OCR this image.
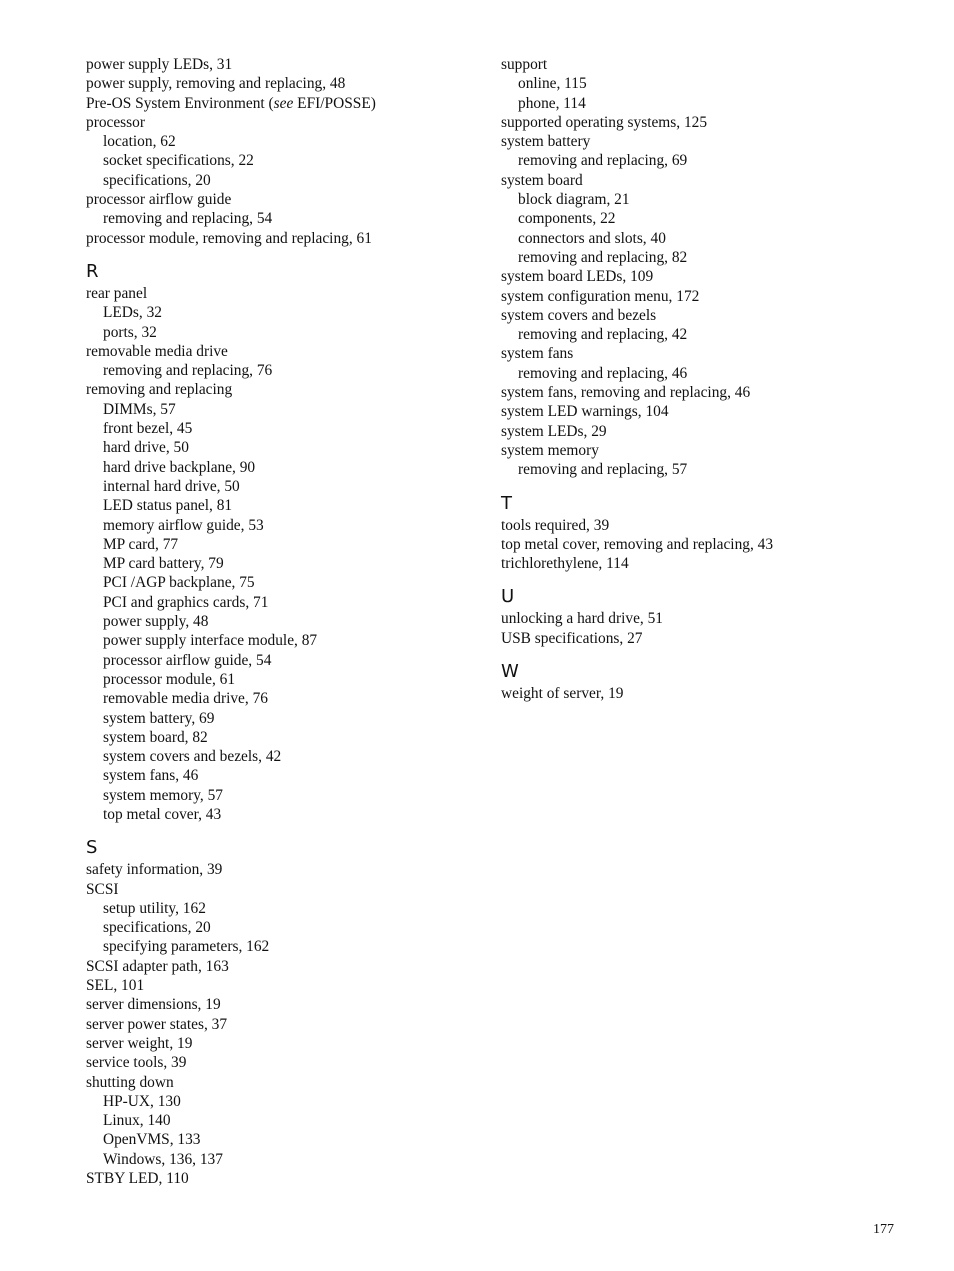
power supply LEDs, 31
power supply, removing and replacing, 48
Pre-OS System Environment (see EFI/POSSE)
processor
location, 62
socket specifications, 22
specifications, 20
processor airflow guide
removing and replacing, 54
processor module, removing and replacing, 61
R
rear panel
LEDs, 32
ports, 32
removable media drive
removing and replacing, 76
removing and replacing
DIMMs, 57
front bezel, 45
hard drive, 50
hard drive backplane, 90
internal hard drive, 50
LED status panel, 81
memory airflow guide, 53
MP card, 77
MP card battery, 79
PCI /AGP backplane, 75
PCI and graphics cards, 71
power supply, 48
power supply interface module, 87
processor airflow guide, 54
processor module, 61
removable media drive, 76
system battery, 69
system board, 82
system covers and bezels, 42
system fans, 46
system memory, 57
top metal cover, 43
S
safety information, 39
SCSI
setup utility, 162
specifications, 20
specifying parameters, 162
SCSI adapter path, 163
SEL, 101
server dimensions, 19
server power states, 37
server weight, 19
service tools, 39
shutting down
HP-UX, 130
Linux, 140
OpenVMS, 133
Windows, 136, 137
STBY LED, 110
support
online, 115
phone, 114
supported operating systems, 125
system battery
removing and replacing, 69
system board
block diagram, 21
components, 22
connectors and slots, 40
removing and replacing, 82
system board LEDs, 109
system configuration menu, 172
system covers and bezels
removing and replacing, 42
system fans
removing and replacing, 46
system fans, removing and replacing, 46
system LED warnings, 104
system LEDs, 29
system memory
removing and replacing, 57
T
tools required, 39
top metal cover, removing and replacing, 43
trichlorethylene, 114
U
unlocking a hard drive, 51
USB specifications, 27
W
weight of server, 19
177
